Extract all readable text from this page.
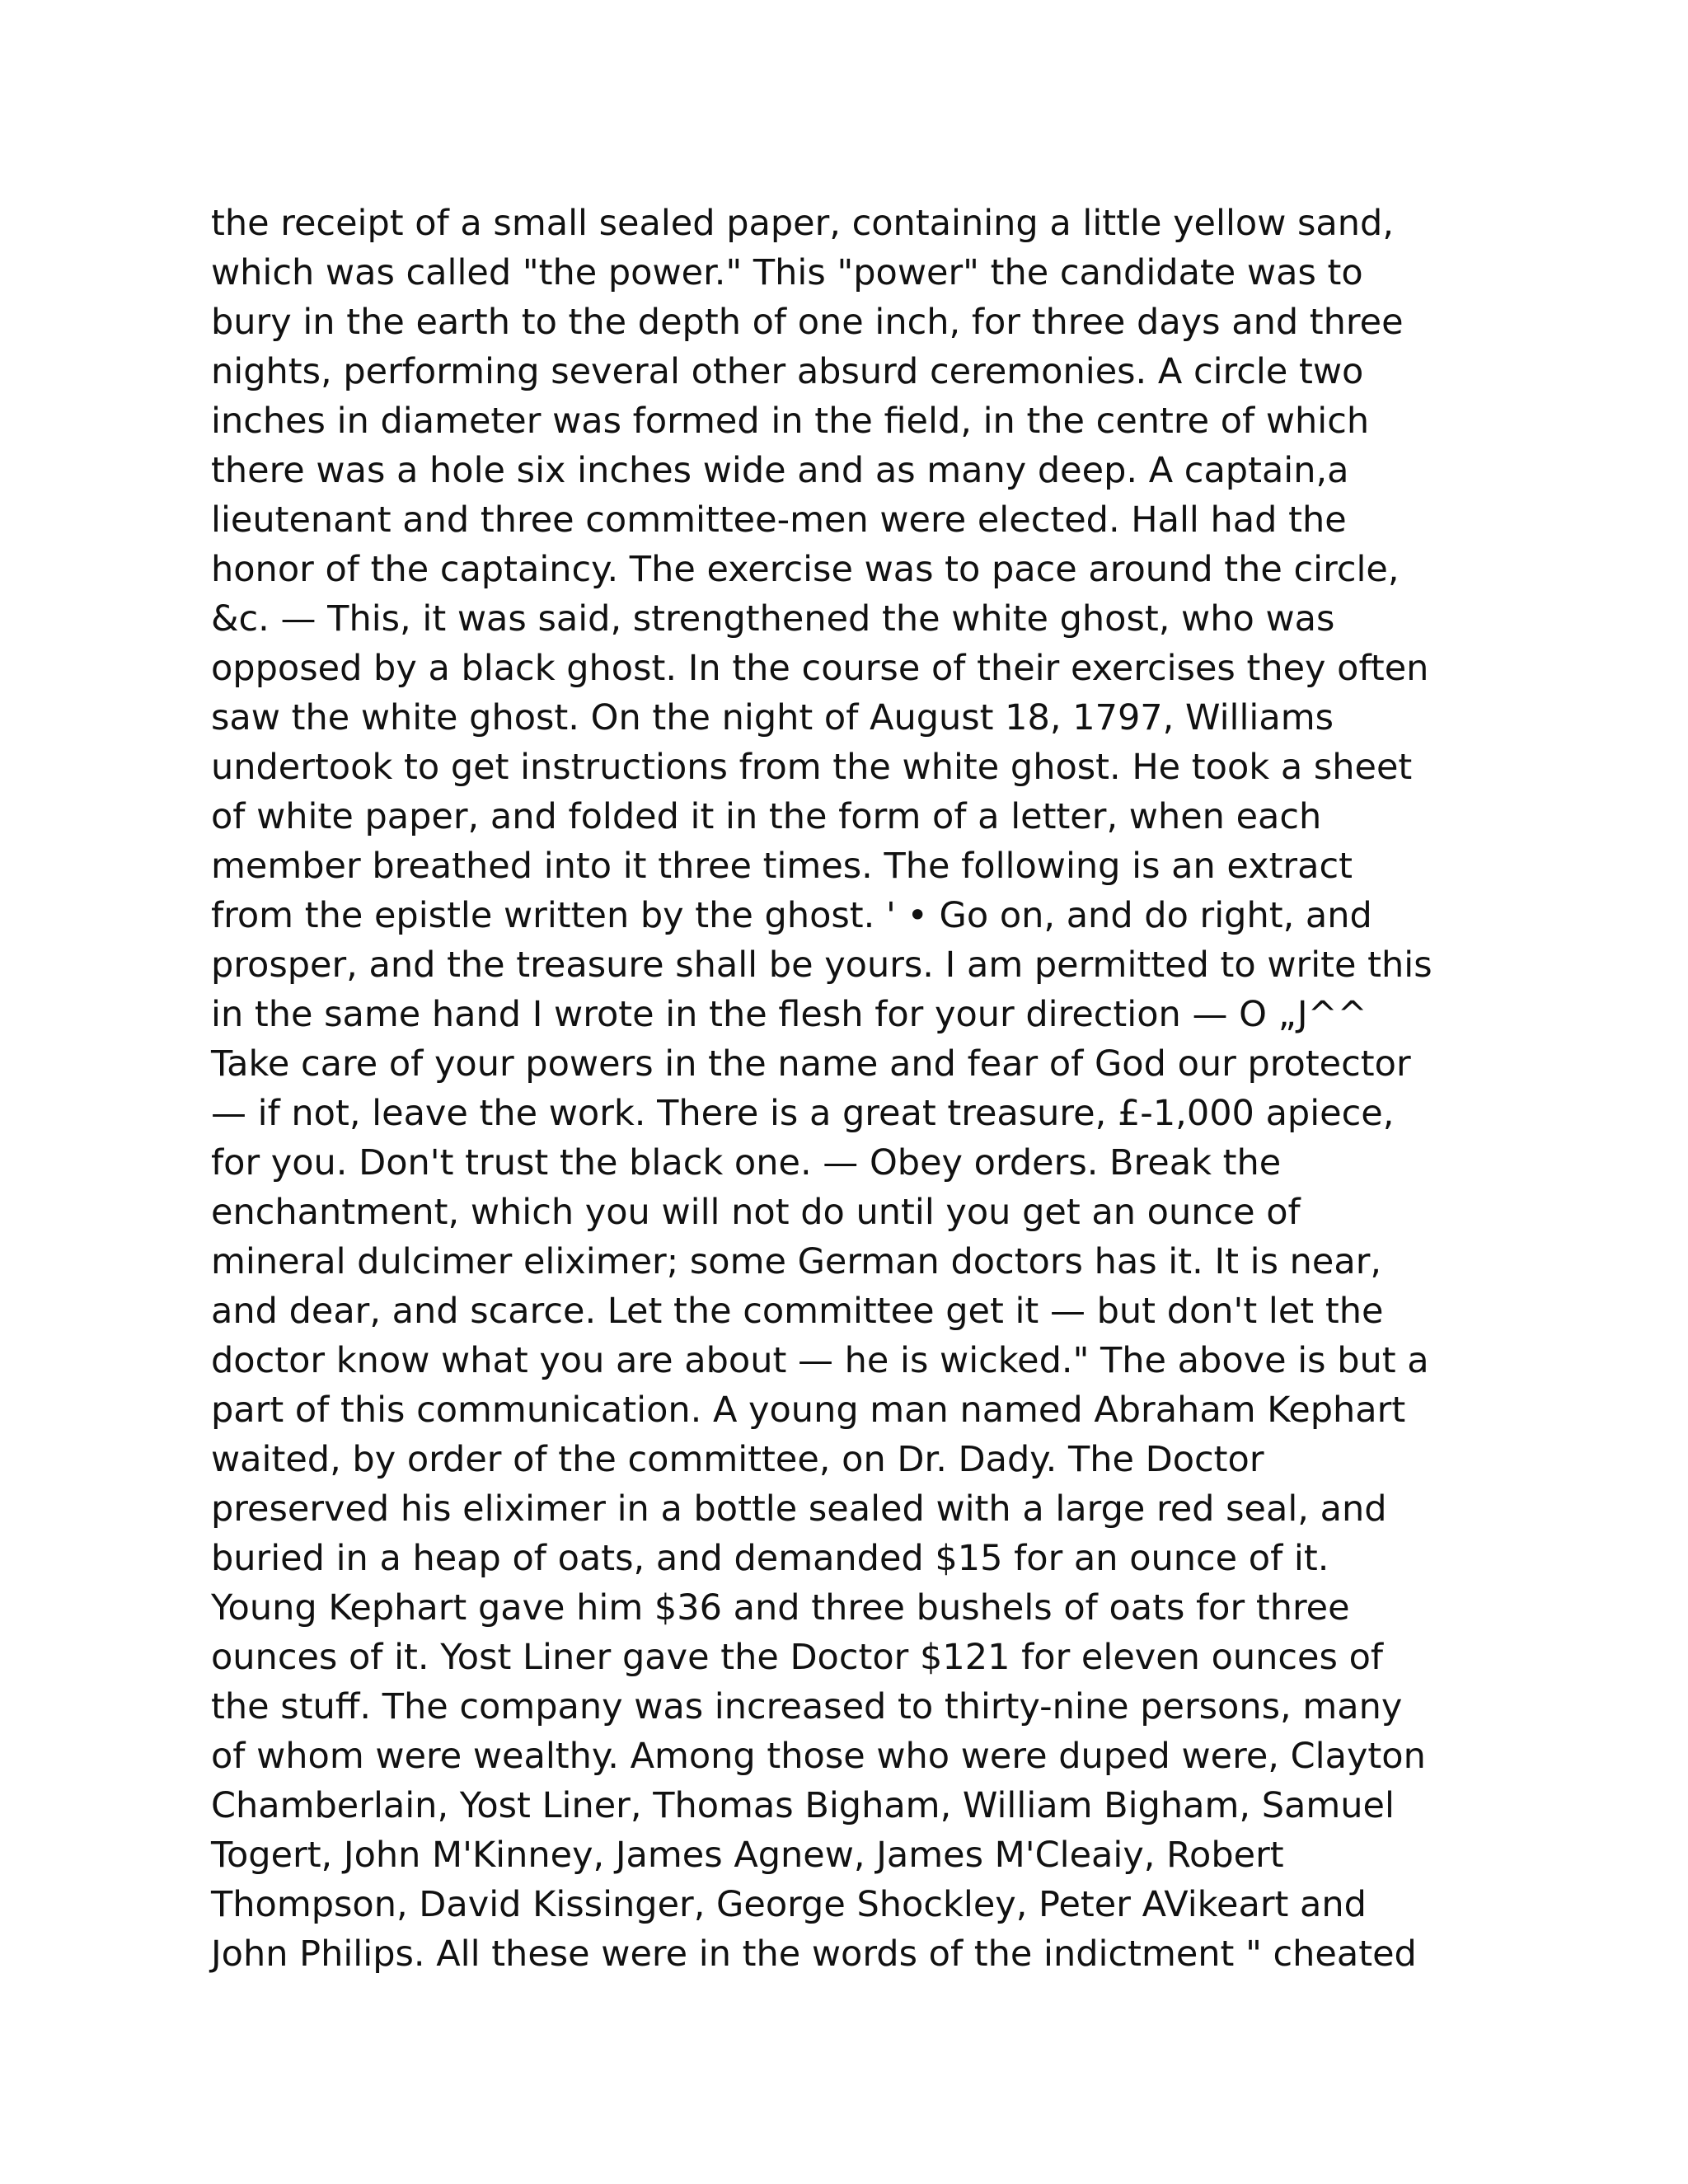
the receipt of a small sealed paper, containing a little yellow sand,
which was called "the power." This "power" the candidate was to
bury in the earth to the depth of one inch, for three days and three
nights, performing several other absurd ceremonies. A circle two
inches in diameter was formed in the field, in the centre of which
there was a hole six inches wide and as many deep. A captain,a
lieutenant and three committee-men were elected. Hall had the
honor of the captaincy. The exercise was to pace around the circle,
&c. — This, it was said, strengthened the white ghost, who was
opposed by a black ghost. In the course of their exercises they often
saw the white ghost. On the night of August 18, 1797, Williams
undertook to get instructions from the white ghost. He took a sheet
of white paper, and folded it in the form of a letter, when each
member breathed into it three times. The following is an extract
from the epistle written by the ghost. ' • Go on, and do right, and
prosper, and the treasure shall be yours. I am permitted to write this
in the same hand I wrote in the flesh for your direction — O „J^^
Take care of your powers in the name and fear of God our protector
— if not, leave the work. There is a great treasure, £-1,000 apiece,
for you. Don't trust the black one. — Obey orders. Break the
enchantment, which you will not do until you get an ounce of
mineral dulcimer eliximer; some German doctors has it. It is near,
and dear, and scarce. Let the committee get it — but don't let the
doctor know what you are about — he is wicked." The above is but a
part of this communication. A young man named Abraham Kephart
waited, by order of the committee, on Dr. Dady. The Doctor
preserved his eliximer in a bottle sealed with a large red seal, and
buried in a heap of oats, and demanded $15 for an ounce of it.
Young Kephart gave him $36 and three bushels of oats for three
ounces of it. Yost Liner gave the Doctor $121 for eleven ounces of
the stuff. The company was increased to thirty-nine persons, many
of whom were wealthy. Among those who were duped were, Clayton
Chamberlain, Yost Liner, Thomas Bigham, William Bigham, Samuel
Togert, John M'Kinney, James Agnew, James M'Cleaiy, Robert
Thompson, David Kissinger, George Shockley, Peter AVikeart and
John Philips. All these were in the words of the indictment " cheated
